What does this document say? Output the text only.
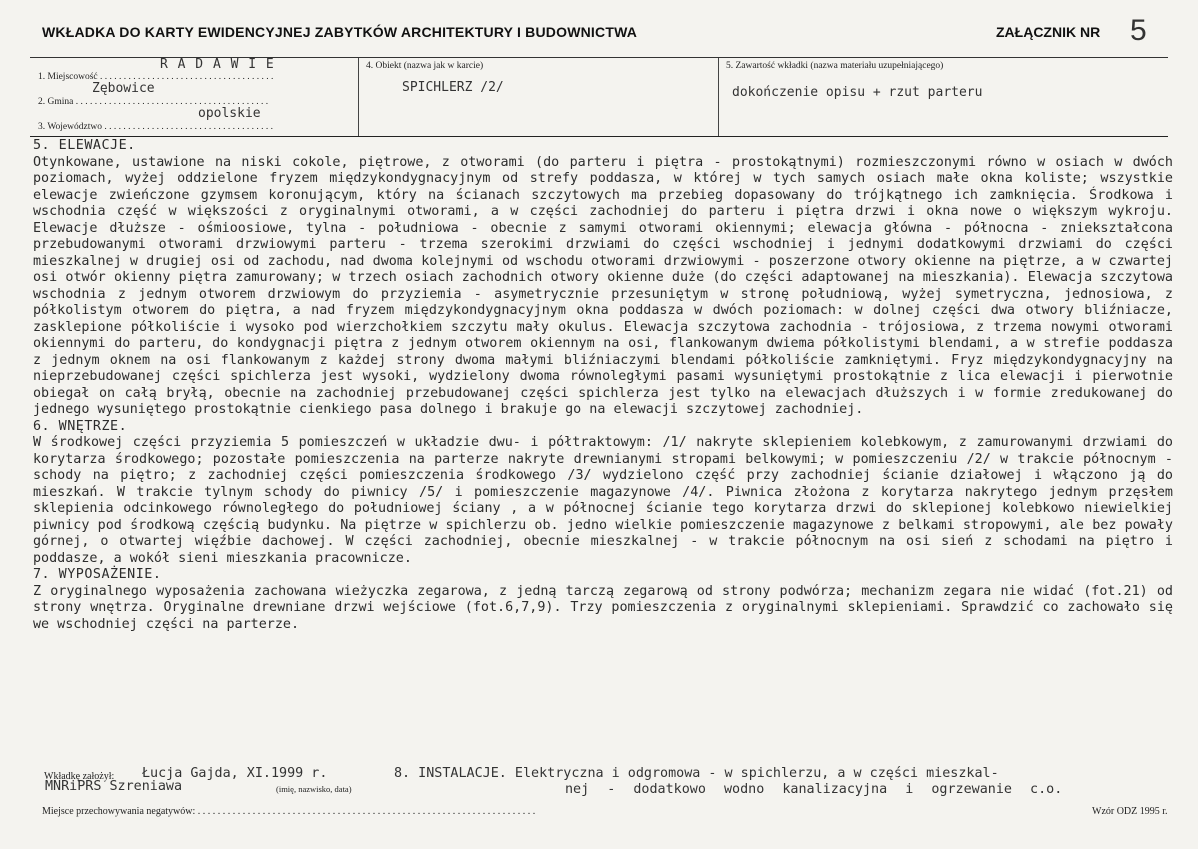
WKŁADKA DO KARTY EWIDENCYJNEJ ZABYTKÓW ARCHITEKTURY I BUDOWNICTWA	ZAŁĄCZNIK NR 5
R A D A W I E
1. Miejscowość . . . . . . . . . . . . . . . . . . . . . . . . . . . . . . . . . . . . .
Zębowice
2. Gmina . . . . . . . . . . . . . . . . . . . . . . . . . . . . . . . . . . . . . . . . .
opolskie
3. Województwo . . . . . . . . . . . . . . . . . . . . . . . . . . . . . . . . . . . .
4. Obiekt (nazwa jak w karcie)
SPICHLERZ /2/
5. Zawartość wkładki (nazwa materiału uzupełniającego)
dokończenie opisu + rzut parteru
5. ELEWACJE.

Otynkowane, ustawione na niski cokole, piętrowe, z otworami (do parteru i piętra - prostokątnymi) rozmieszczonymi równo w osiach w dwóch poziomach, wyżej oddzielone fryzem międzykondygnacyjnym od strefy poddasza, w której w tych samych osiach małe okna koliste; wszystkie elewacje zwieńczone gzymsem koronującym, który na ścianach szczytowych ma przebieg dopasowany do trójkątnego ich zamknięcia. Środkowa i wschodnia część w większości z oryginalnymi otworami, a w części zachodniej do parteru i piętra drzwi i okna nowe o większym wykroju. Elewacje dłuższe - ośmioosiowe, tylna - południowa - obecnie z samymi otworami okiennymi; elewacja główna - północna - zniekształcona przebudowanymi otworami drzwiowymi parteru - trzema szerokimi drzwiami do części wschodniej i jednymi dodatkowymi drzwiami do części mieszkalnej w drugiej osi od zachodu, nad dwoma kolejnymi od wschodu otworami drzwiowymi - poszerzone otwory okienne na piętrze, a w czwartej osi otwór okienny piętra zamurowany; w trzech osiach zachodnich otwory okienne duże (do części adaptowanej na mieszkania). Elewacja szczytowa wschodnia z jednym otworem drzwiowym do przyziemia - asymetrycznie przesuniętym w stronę południową, wyżej symetryczna, jednosiowa, z półkolistym otworem do piętra, a nad fryzem międzykondygnacyjnym okna poddasza w dwóch poziomach: w dolnej części dwa otwory bliźniacze, zasklepione półkoliście i wysoko pod wierzchołkiem szczytu mały okulus. Elewacja szczytowa zachodnia - trójosiowa, z trzema nowymi otworami okiennymi do parteru, do kondygnacji piętra z jednym otworem okiennym na osi, flankowanym dwiema półkolistymi blendami, a w strefie poddasza z jednym oknem na osi flankowanym z każdej strony dwoma małymi bliźniaczymi blendami półkoliście zamkniętymi. Fryz międzykondygnacyjny na nieprzebudowanej części spichlerza jest wysoki, wydzielony dwoma równoległymi pasami wysuniętymi prostokątnie z lica elewacji i pierwotnie obiegał on całą bryłą, obecnie na zachodniej przebudowanej części spichlerza jest tylko na elewacjach dłuższych i w formie zredukowanej do jednego wysuniętego prostokątnie cienkiego pasa dolnego i brakuje go na elewacji szczytowej zachodniej.

6. WNĘTRZE.

W środkowej części przyziemia 5 pomieszczeń w układzie dwu- i półtraktowym: /1/ nakryte sklepieniem kolebkowym, z zamurowanymi drzwiami do korytarza środkowego; pozostałe pomieszczenia na parterze nakryte drewnianymi stropami belkowymi; w pomieszczeniu /2/ w trakcie północnym - schody na piętro; z zachodniej części pomieszczenia środkowego /3/ wydzielono część przy zachodniej ścianie działowej i włączono ją do mieszkań. W trakcie tylnym schody do piwnicy /5/ i pomieszczenie magazynowe /4/. Piwnica złożona z korytarza nakrytego jednym przęsłem sklepienia odcinkowego równoległego do południowej ściany , a w północnej ścianie tego korytarza drzwi do sklepionej kolebkowo niewielkiej piwnicy pod środkową częścią budynku. Na piętrze w spichlerzu ob. jedno wielkie pomieszczenie magazynowe z belkami stropowymi, ale bez powały górnej, o otwartej więźbie dachowej. W części zachodniej, obecnie mieszkalnej - w trakcie północnym na osi sień z schodami na piętro i poddasze, a wokół sieni mieszkania pracownicze.

7. WYPOSAŻENIE.

Z oryginalnego wyposażenia zachowana wieżyczka zegarowa, z jedną tarczą zegarową od strony podwórza; mechanizm zegara nie widać (fot.21) od strony wnętrza. Oryginalne drewniane drzwi wejściowe (fot.6,7,9). Trzy pomieszczenia z oryginalnymi sklepieniami. Sprawdzić co zachowało się we wschodniej części na parterze.

Wkładkę założył: Łucja Gajda, XI.1999 r.
MNRiPRS Szreniawa	(imię, nazwisko, data)
8. INSTALACJE. Elektryczna i odgromowa - w spichlerzu, a w części mieszkal-
nej - dodatkowo wodno kanalizacyjna i ogrzewanie c.o.
Miejsce przechowywania negatywów: . . . . . . . . . . . . . . . . . . . . . . . . . . . . . . . . . . . . . . . . . . . . . . . . . . . . . . . . . . . . . . . . . . . .	Wzór ODZ 1995 r.
